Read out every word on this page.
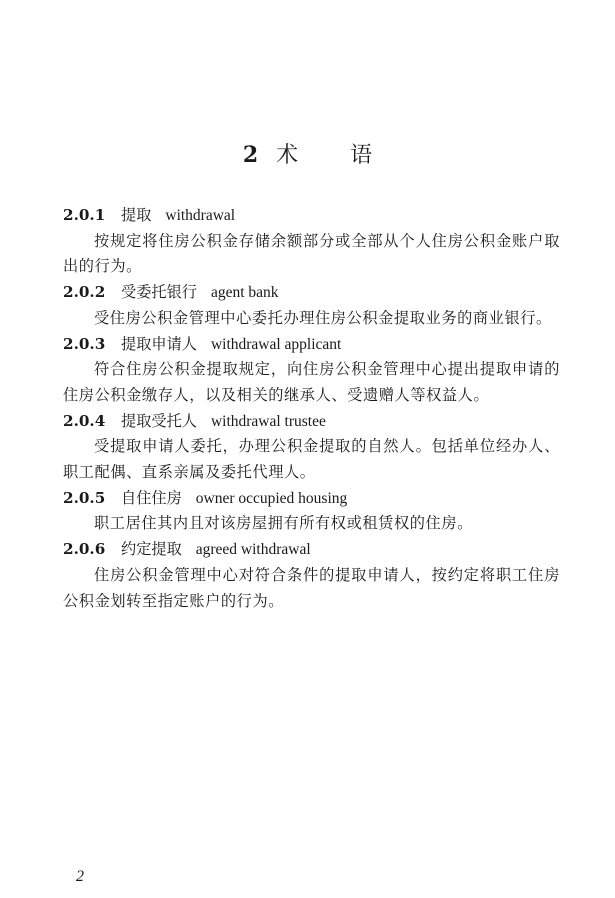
2 术 语

2.0.1 提取 withdrawal

按规定将住房公积金存储余额部分或全部从个人住房公积金账户取出的行为。

2.0.2 受委托银行 agent bank

受住房公积金管理中心委托办理住房公积金提取业务的商业银行。

2.0.3 提取申请人 withdrawal applicant

符合住房公积金提取规定，向住房公积金管理中心提出提取申请的住房公积金缴存人，以及相关的继承人、受遗赠人等权益人。

2.0.4 提取受托人 withdrawal trustee

受提取申请人委托，办理公积金提取的自然人。包括单位经办人、职工配偶、直系亲属及委托代理人。

2.0.5 自住住房 owner occupied housing

职工居住其内且对该房屋拥有所有权或租赁权的住房。

2.0.6 约定提取 agreed withdrawal

住房公积金管理中心对符合条件的提取申请人，按约定将职工住房公积金划转至指定账户的行为。

2
